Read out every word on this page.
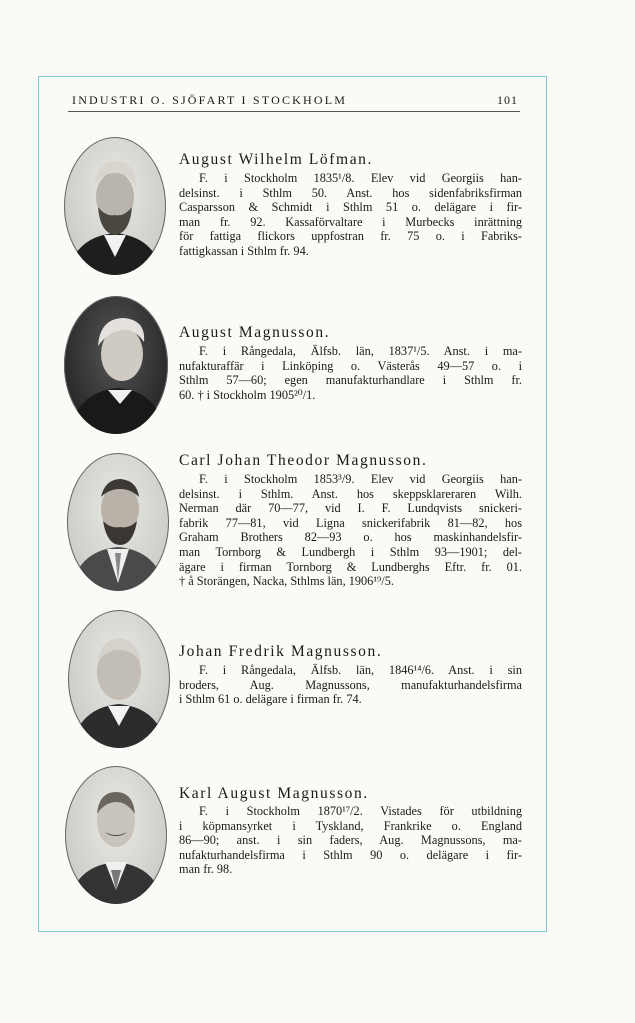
INDUSTRI O. SJÖFART I STOCKHOLM	101
August Wilhelm Löfman.
F. i Stockholm 1835¹/8. Elev vid Georgiis han-
delsinst. i Sthlm 50. Anst. hos sidenfabriksfirman
Casparsson & Schmidt i Sthlm 51 o. delägare i fir-
man fr. 92. Kassaförvaltare i Murbecks inrättning
för fattiga flickors uppfostran fr. 75 o. i Fabriks-
fattigkassan i Sthlm fr. 94.
August Magnusson.
F. i Rångedala, Älfsb. län, 1837¹/5. Anst. i ma-
nufakturaffär i Linköping o. Västerås 49—57 o. i
Sthlm 57—60; egen manufakturhandlare i Sthlm fr.
60. † i Stockholm 1905²⁰/1.
Carl Johan Theodor Magnusson.
F. i Stockholm 1853³/9. Elev vid Georgiis han-
delsinst. i Sthlm. Anst. hos skeppsklareraren Wilh.
Nerman där 70—77, vid I. F. Lundqvists snickeri-
fabrik 77—81, vid Ligna snickerifabrik 81—82, hos
Graham Brothers 82—93 o. hos maskinhandelsfir-
man Tornborg & Lundbergh i Sthlm 93—1901; del-
ägare i firman Tornborg & Lundberghs Eftr. fr. 01.
† å Storängen, Nacka, Sthlms län, 1906¹⁹/5.
Johan Fredrik Magnusson.
F. i Rångedala, Älfsb. län, 1846¹⁴/6. Anst. i sin
broders, Aug. Magnussons, manufakturhandelsfirma
i Sthlm 61 o. delägare i firman fr. 74.
Karl August Magnusson.
F. i Stockholm 1870¹⁷/2. Vistades för utbildning
i köpmansyrket i Tyskland, Frankrike o. England
86—90; anst. i sin faders, Aug. Magnussons, ma-
nufakturhandelsfirma i Sthlm 90 o. delägare i fir-
man fr. 98.
